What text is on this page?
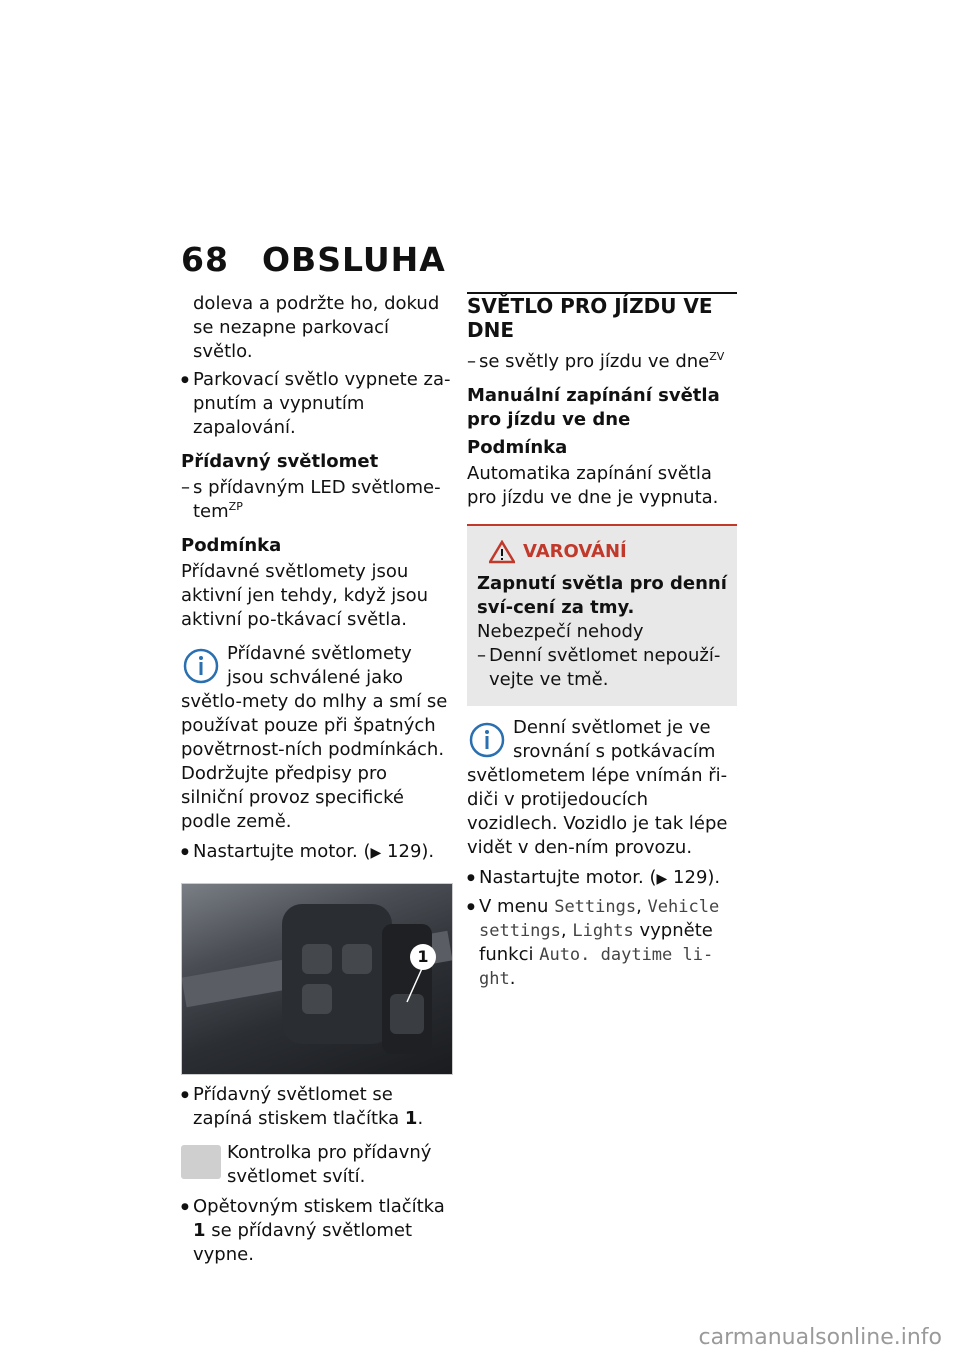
68 OBSLUHA

doleva a podržte ho, dokud se nezapne parkovací světlo.

● Parkovací světlo vypnete za-pnutím a vypnutím zapalování.

Přídavný světlomet

– s přídavným LED světlome-tem$^{ZP}$

Podmínka

Přídavné světlomety jsou aktivní jen tehdy, když jsou aktivní po-tkávací světla.

Přídavné světlomety jsou schválené jako světlo-mety do mlhy a smí se používat pouze při špatných povětrnost-ních podmínkách. Dodržujte předpisy pro silniční provoz specifické podle země.

● Nastartujte motor. (▶ 129).

1

● Přídavný světlomet se zapíná stiskem tlačítka 1.

Kontrolka pro přídavný světlomet svítí.

● Opětovným stiskem tlačítka 1 se přídavný světlomet vypne.

SVĚTLO PRO JÍZDU VE DNE

– se světly pro jízdu ve dne$^{ZV}$

Manuální zapínání světla pro jízdu ve dne
Podmínka

Automatika zapínání světla pro jízdu ve dne je vypnuta.

VAROVÁNÍ
Zapnutí světla pro denní sví-cení za tmy.
Nebezpečí nehody
– Denní světlomet nepouží-vejte ve tmě.
Denní světlomet je ve srovnání s potkávacím světlometem lépe vnímán ři-diči v protijedoucích vozidlech. Vozidlo je tak lépe vidět v den-ním provozu.

● Nastartujte motor. (▶ 129).

● V menu Settings, Vehicle settings, Lights vypněte funkci Auto. daytime li-ght.

carmanualsonline.info
